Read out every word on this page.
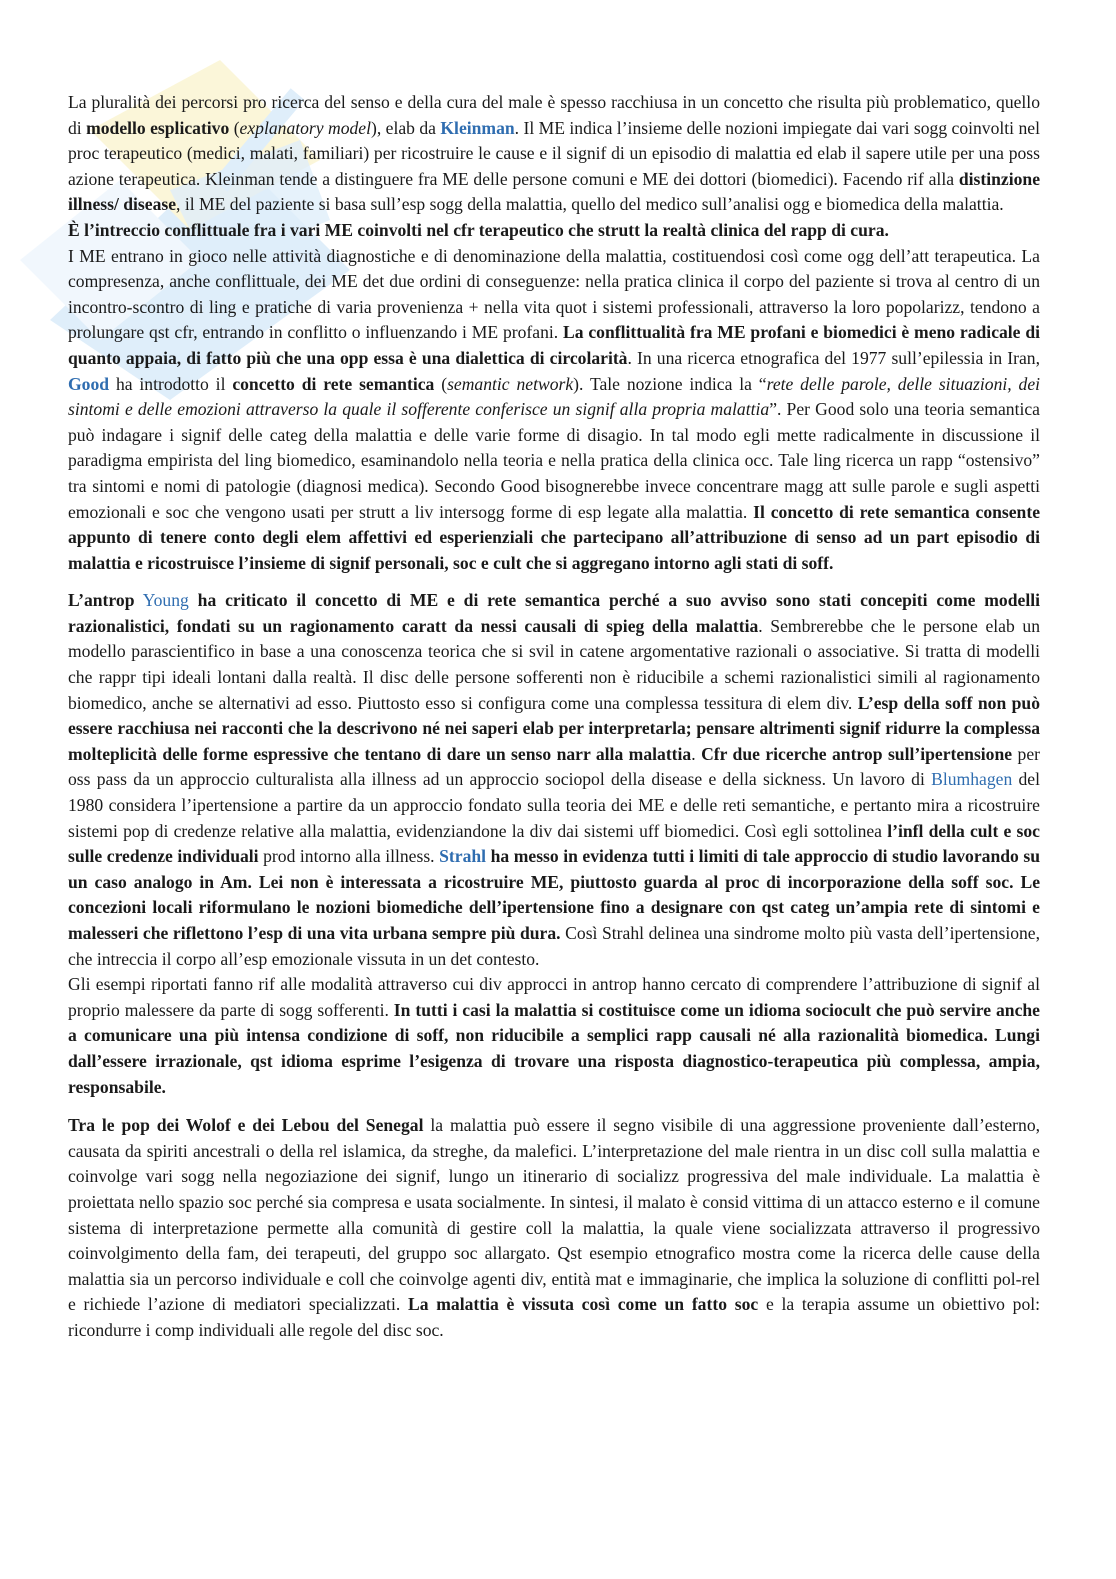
La pluralità dei percorsi pro ricerca del senso e della cura del male è spesso racchiusa in un concetto che risulta più problematico, quello di modello esplicativo (explanatory model), elab da Kleinman. Il ME indica l’insieme delle nozioni impiegate dai vari sogg coinvolti nel proc terapeutico (medici, malati, familiari) per ricostruire le cause e il signif di un episodio di malattia ed elab il sapere utile per una poss azione terapeutica. Kleinman tende a distinguere fra ME delle persone comuni e ME dei dottori (biomedici). Facendo rif alla distinzione illness/ disease, il ME del paziente si basa sull’esp sogg della malattia, quello del medico sull’analisi ogg e biomedica della malattia.
È l’intreccio conflittuale fra i vari ME coinvolti nel cfr terapeutico che strutt la realtà clinica del rapp di cura.
I ME entrano in gioco nelle attività diagnostiche e di denominazione della malattia, costituendosi così come ogg dell’att terapeutica. La compresenza, anche conflittuale, dei ME det due ordini di conseguenze: nella pratica clinica il corpo del paziente si trova al centro di un incontro-scontro di ling e pratiche di varia provenienza + nella vita quot i sistemi professionali, attraverso la loro popolarizz, tendono a prolungare qst cfr, entrando in conflitto o influenzando i ME profani. La conflittualità fra ME profani e biomedici è meno radicale di quanto appaia, di fatto più che una opp essa è una dialettica di circolarità. In una ricerca etnografica del 1977 sull’epilessia in Iran, Good ha introdotto il concetto di rete semantica (semantic network). Tale nozione indica la “rete delle parole, delle situazioni, dei sintomi e delle emozioni attraverso la quale il sofferente conferisce un signif alla propria malattia”. Per Good solo una teoria semantica può indagare i signif delle categ della malattia e delle varie forme di disagio. In tal modo egli mette radicalmente in discussione il paradigma empirista del ling biomedico, esaminandolo nella teoria e nella pratica della clinica occ. Tale ling ricerca un rapp “ostensivo” tra sintomi e nomi di patologie (diagnosi medica). Secondo Good bisognerebbe invece concentrare magg att sulle parole e sugli aspetti emozionali e soc che vengono usati per strutt a liv intersogg forme di esp legate alla malattia. Il concetto di rete semantica consente appunto di tenere conto degli elem affettivi ed esperienziali che partecipano all’attribuzione di senso ad un part episodio di malattia e ricostruisce l’insieme di signif personali, soc e cult che si aggregano intorno agli stati di soff.

L’antrop Young ha criticato il concetto di ME e di rete semantica perché a suo avviso sono stati concepiti come modelli razionalistici, fondati su un ragionamento caratt da nessi causali di spieg della malattia. Sembrerebbe che le persone elab un modello parascientifico in base a una conoscenza teorica che si svil in catene argomentative razionali o associative. Si tratta di modelli che rappr tipi ideali lontani dalla realtà. Il disc delle persone sofferenti non è riducibile a schemi razionalistici simili al ragionamento biomedico, anche se alternativi ad esso. Piuttosto esso si configura come una complessa tessitura di elem div. L’esp della soff non può essere racchiusa nei racconti che la descrivono né nei saperi elab per interpretarla; pensare altrimenti signif ridurre la complessa molteplicità delle forme espressive che tentano di dare un senso narr alla malattia. Cfr due ricerche antrop sull’ipertensione per oss pass da un approccio culturalista alla illness ad un approccio sociopol della disease e della sickness. Un lavoro di Blumhagen del 1980 considera l’ipertensione a partire da un approccio fondato sulla teoria dei ME e delle reti semantiche, e pertanto mira a ricostruire sistemi pop di credenze relative alla malattia, evidenziandone la div dai sistemi uff biomedici. Così egli sottolinea l’infl della cult e soc sulle credenze individuali prod intorno alla illness. Strahl ha messo in evidenza tutti i limiti di tale approccio di studio lavorando su un caso analogo in Am. Lei non è interessata a ricostruire ME, piuttosto guarda al proc di incorporazione della soff soc. Le concezioni locali riformulano le nozioni biomediche dell’ipertensione fino a designare con qst categ un’ampia rete di sintomi e malesseri che riflettono l’esp di una vita urbana sempre più dura. Così Strahl delinea una sindrome molto più vasta dell’ipertensione, che intreccia il corpo all’esp emozionale vissuta in un det contesto.
Gli esempi riportati fanno rif alle modalità attraverso cui div approcci in antrop hanno cercato di comprendere l’attribuzione di signif al proprio malessere da parte di sogg sofferenti. In tutti i casi la malattia si costituisce come un idioma sociocult che può servire anche a comunicare una più intensa condizione di soff, non riducibile a semplici rapp causali né alla razionalità biomedica. Lungi dall’essere irrazionale, qst idioma esprime l’esigenza di trovare una risposta diagnostico-terapeutica più complessa, ampia, responsabile.

Tra le pop dei Wolof e dei Lebou del Senegal la malattia può essere il segno visibile di una aggressione proveniente dall’esterno, causata da spiriti ancestrali o della rel islamica, da streghe, da malefici. L’interpretazione del male rientra in un disc coll sulla malattia e coinvolge vari sogg nella negoziazione dei signif, lungo un itinerario di socializz progressiva del male individuale. La malattia è proiettata nello spazio soc perché sia compresa e usata socialmente. In sintesi, il malato è consid vittima di un attacco esterno e il comune sistema di interpretazione permette alla comunità di gestire coll la malattia, la quale viene socializzata attraverso il progressivo coinvolgimento della fam, dei terapeuti, del gruppo soc allargato. Qst esempio etnografico mostra come la ricerca delle cause della malattia sia un percorso individuale e coll che coinvolge agenti div, entità mat e immaginarie, che implica la soluzione di conflitti pol-rel e richiede l’azione di mediatori specializzati. La malattia è vissuta così come un fatto soc e la terapia assume un obiettivo pol: ricondurre i comp individuali alle regole del disc soc.
